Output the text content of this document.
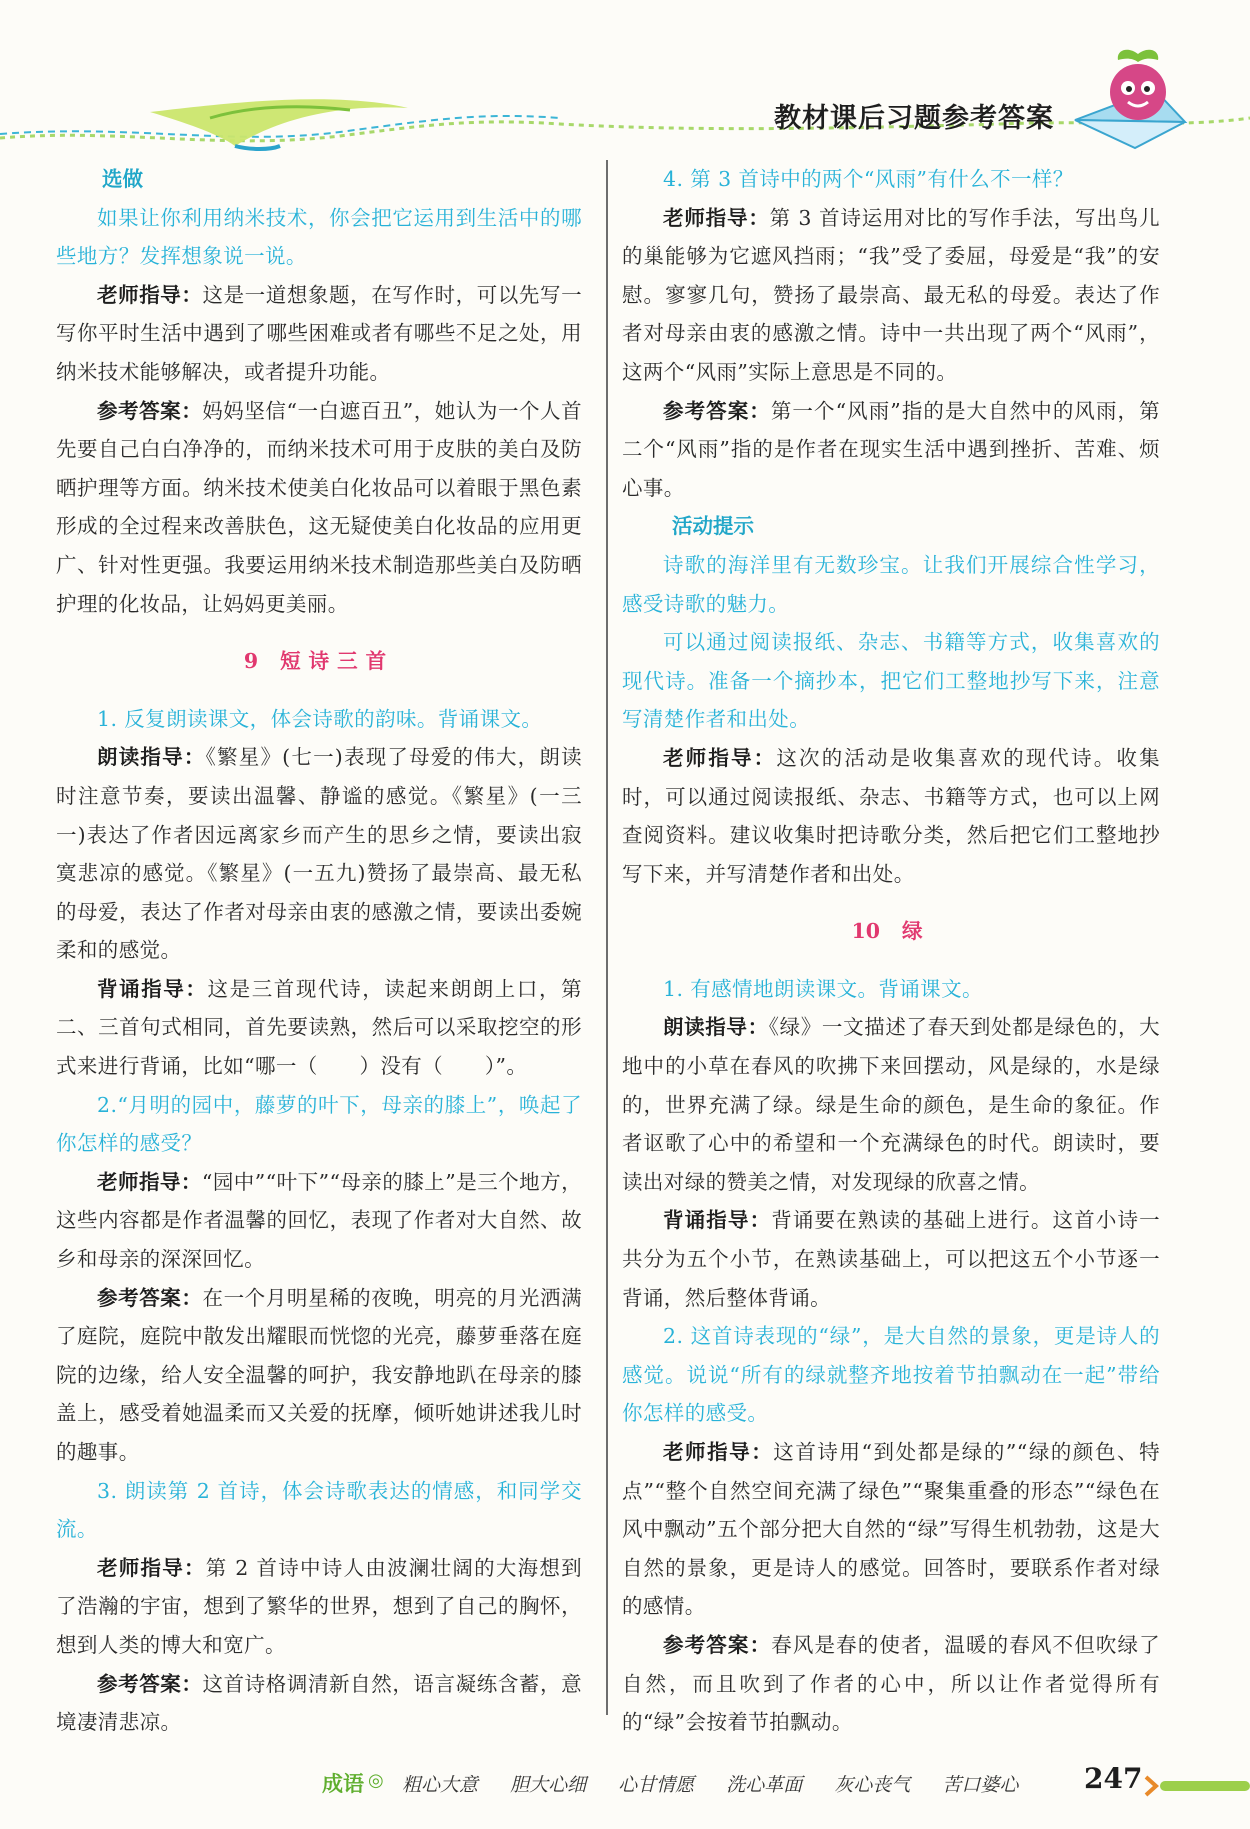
教材课后习题参考答案

选做

如果让你利用纳米技术，你会把它运用到生活中的哪些地方？发挥想象说一说。

老师指导：这是一道想象题，在写作时，可以先写一写你平时生活中遇到了哪些困难或者有哪些不足之处，用纳米技术能够解决，或者提升功能。

参考答案：妈妈坚信“一白遮百丑”，她认为一个人首先要自己白白净净的，而纳米技术可用于皮肤的美白及防晒护理等方面。纳米技术使美白化妆品可以着眼于黑色素形成的全过程来改善肤色，这无疑使美白化妆品的应用更广、针对性更强。我要运用纳米技术制造那些美白及防晒护理的化妆品，让妈妈更美丽。

9 短诗三首

1. 反复朗读课文，体会诗歌的韵味。背诵课文。

朗读指导：《繁星》(七一)表现了母爱的伟大，朗读时注意节奏，要读出温馨、静谧的感觉。《繁星》(一三一)表达了作者因远离家乡而产生的思乡之情，要读出寂寞悲凉的感觉。《繁星》(一五九)赞扬了最崇高、最无私的母爱，表达了作者对母亲由衷的感激之情，要读出委婉柔和的感觉。

背诵指导：这是三首现代诗，读起来朗朗上口，第二、三首句式相同，首先要读熟，然后可以采取挖空的形式来进行背诵，比如“哪一（　　）没有（　　）”。

2.“月明的园中，藤萝的叶下，母亲的膝上”，唤起了你怎样的感受？

老师指导：“园中”“叶下”“母亲的膝上”是三个地方，这些内容都是作者温馨的回忆，表现了作者对大自然、故乡和母亲的深深回忆。

参考答案：在一个月明星稀的夜晚，明亮的月光洒满了庭院，庭院中散发出耀眼而恍惚的光亮，藤萝垂落在庭院的边缘，给人安全温馨的呵护，我安静地趴在母亲的膝盖上，感受着她温柔而又关爱的抚摩，倾听她讲述我儿时的趣事。

3. 朗读第 2 首诗，体会诗歌表达的情感，和同学交流。

老师指导：第 2 首诗中诗人由波澜壮阔的大海想到了浩瀚的宇宙，想到了繁华的世界，想到了自己的胸怀，想到人类的博大和宽广。

参考答案：这首诗格调清新自然，语言凝练含蓄，意境凄清悲凉。

4. 第 3 首诗中的两个“风雨”有什么不一样？

老师指导：第 3 首诗运用对比的写作手法，写出鸟儿的巢能够为它遮风挡雨；“我”受了委屈，母爱是“我”的安慰。寥寥几句，赞扬了最崇高、最无私的母爱。表达了作者对母亲由衷的感激之情。诗中一共出现了两个“风雨”，这两个“风雨”实际上意思是不同的。

参考答案：第一个“风雨”指的是大自然中的风雨，第二个“风雨”指的是作者在现实生活中遇到挫折、苦难、烦心事。

活动提示

诗歌的海洋里有无数珍宝。让我们开展综合性学习，感受诗歌的魅力。

可以通过阅读报纸、杂志、书籍等方式，收集喜欢的现代诗。准备一个摘抄本，把它们工整地抄写下来，注意写清楚作者和出处。

老师指导：这次的活动是收集喜欢的现代诗。收集时，可以通过阅读报纸、杂志、书籍等方式，也可以上网查阅资料。建议收集时把诗歌分类，然后把它们工整地抄写下来，并写清楚作者和出处。

10 绿

1. 有感情地朗读课文。背诵课文。

朗读指导：《绿》一文描述了春天到处都是绿色的，大地中的小草在春风的吹拂下来回摆动，风是绿的，水是绿的，世界充满了绿。绿是生命的颜色，是生命的象征。作者讴歌了心中的希望和一个充满绿色的时代。朗读时，要读出对绿的赞美之情，对发现绿的欣喜之情。

背诵指导：背诵要在熟读的基础上进行。这首小诗一共分为五个小节，在熟读基础上，可以把这五个小节逐一背诵，然后整体背诵。

2. 这首诗表现的“绿”，是大自然的景象，更是诗人的感觉。说说“所有的绿就整齐地按着节拍飘动在一起”带给你怎样的感受。

老师指导：这首诗用“到处都是绿的”“绿的颜色、特点”“整个自然空间充满了绿色”“聚集重叠的形态”“绿色在风中飘动”五个部分把大自然的“绿”写得生机勃勃，这是大自然的景象，更是诗人的感觉。回答时，要联系作者对绿的感情。

参考答案：春风是春的使者，温暖的春风不但吹绿了自然，而且吹到了作者的心中，所以让作者觉得所有的“绿”会按着节拍飘动。

成语 ◎ 粗心大意 胆大心细 心甘情愿 洗心革面 灰心丧气 苦口婆心	247
